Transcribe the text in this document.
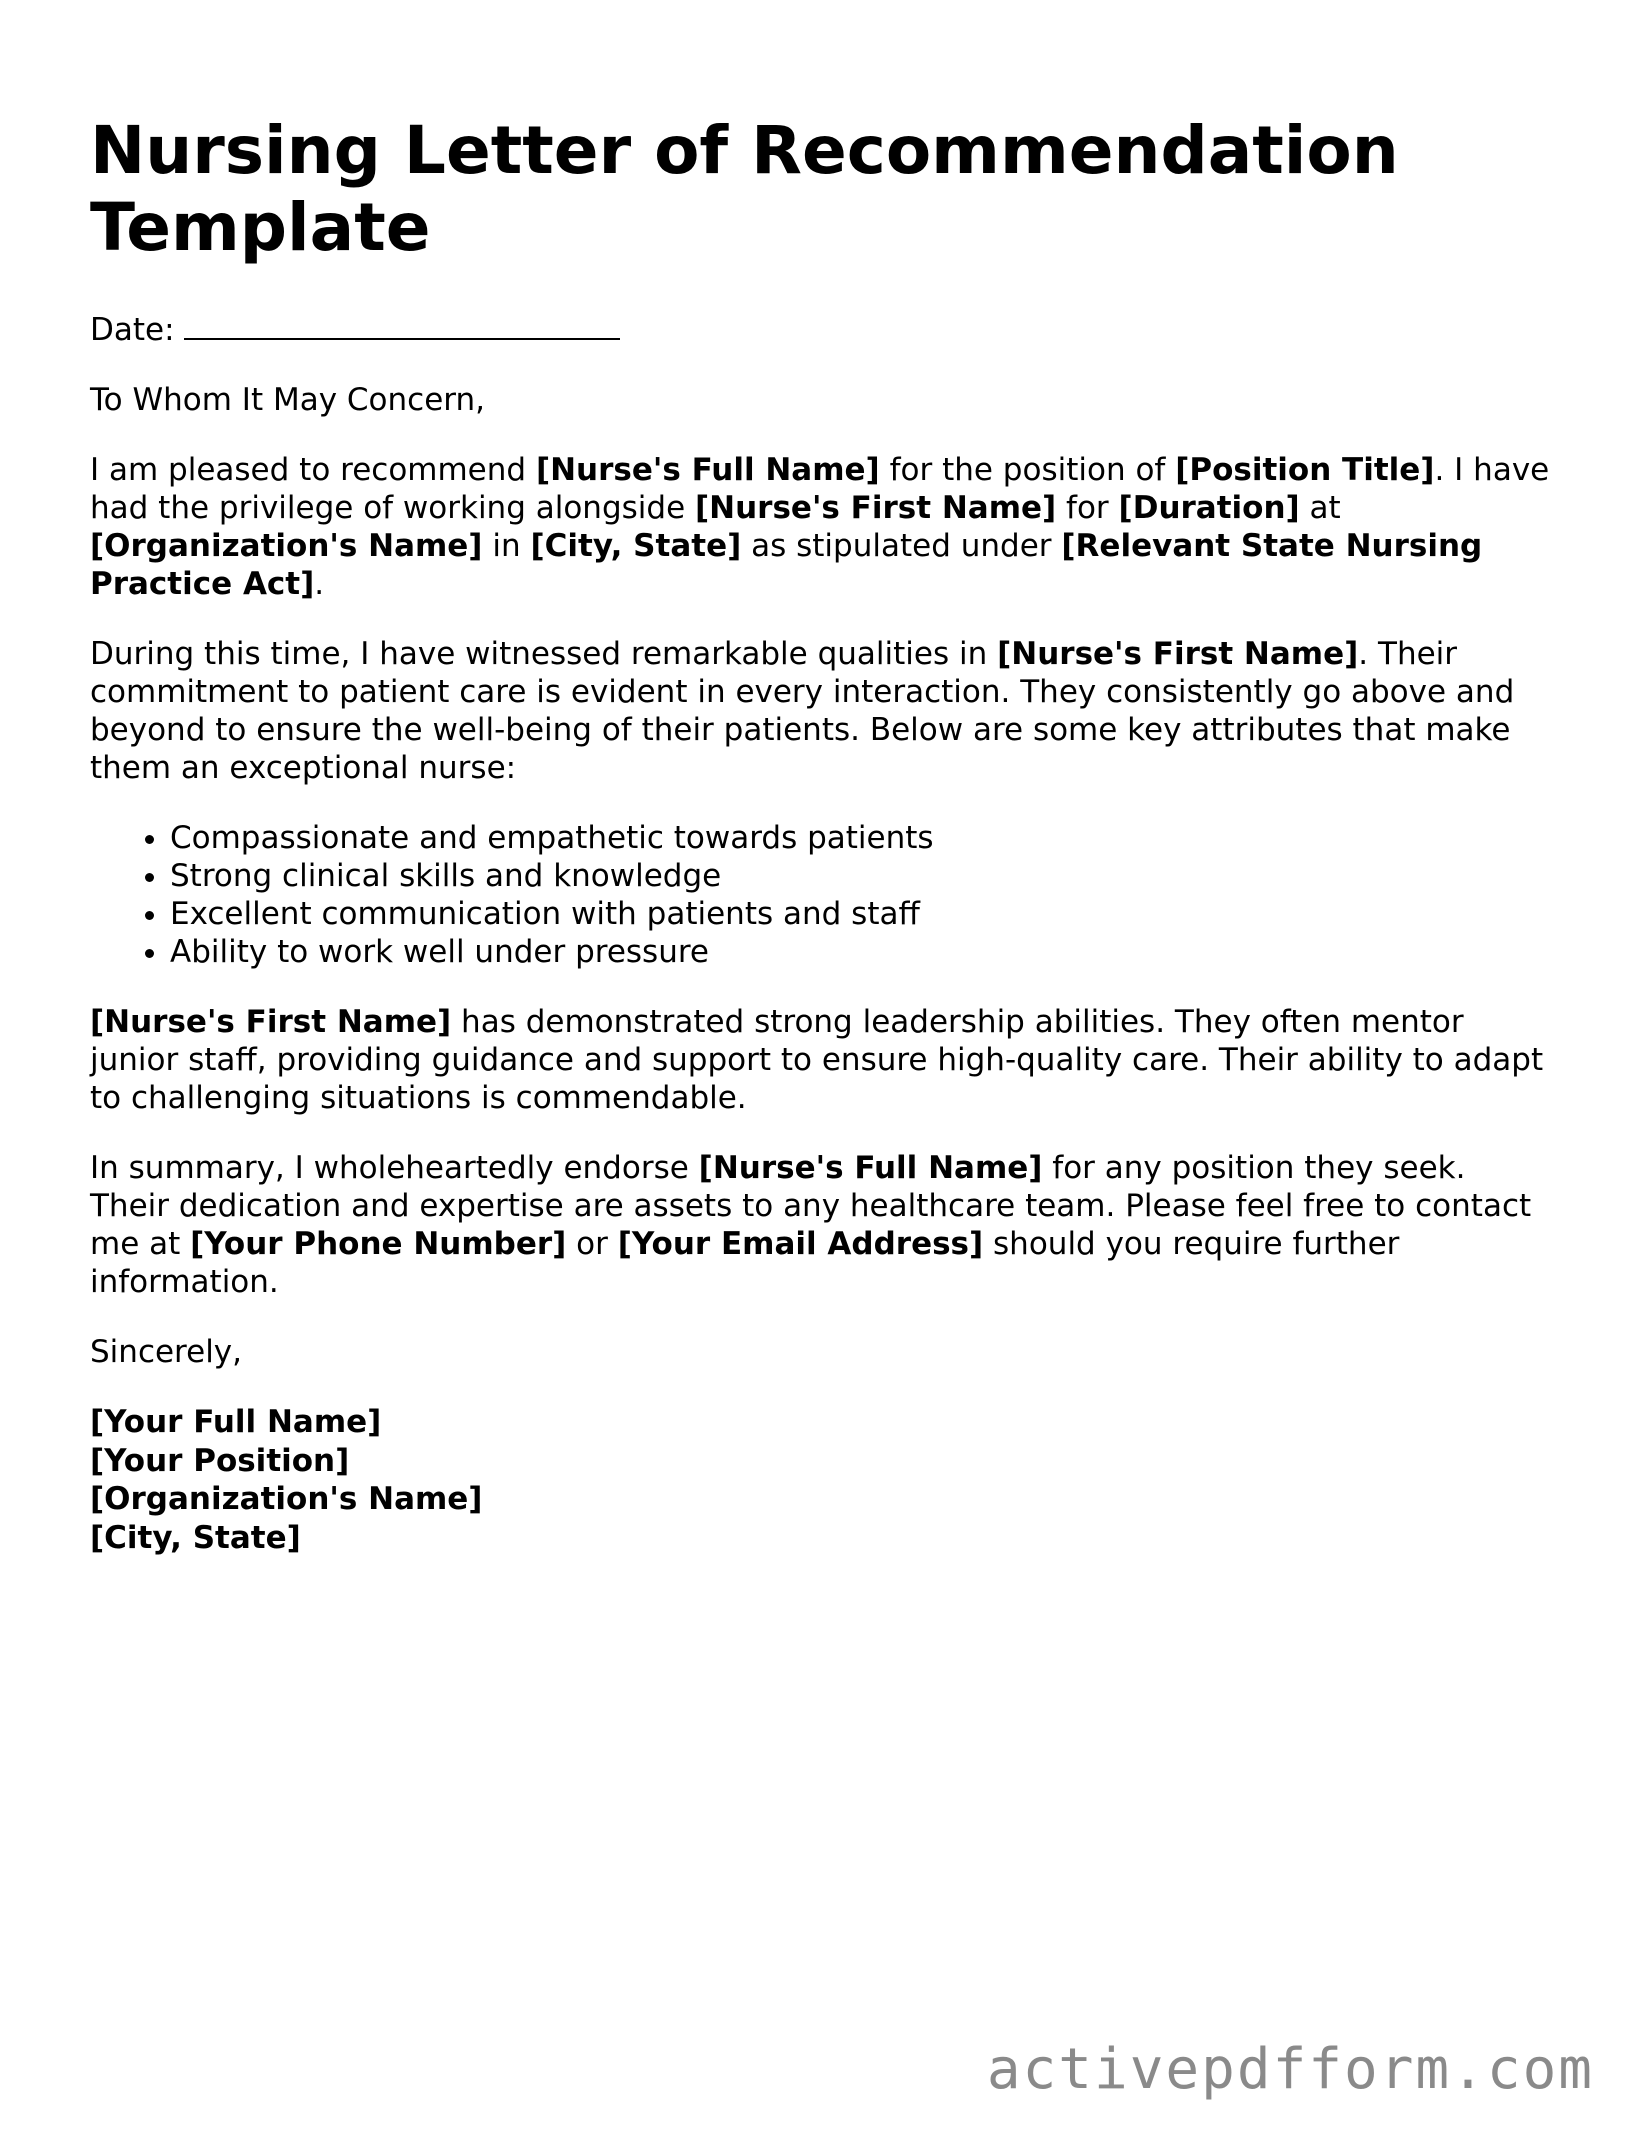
Nursing Letter of Recommendation Template

Date:

To Whom It May Concern,

I am pleased to recommend [Nurse's Full Name] for the position of [Position Title]. I have had the privilege of working alongside [Nurse's First Name] for [Duration] at [Organization's Name] in [City, State] as stipulated under [Relevant State Nursing Practice Act].

During this time, I have witnessed remarkable qualities in [Nurse's First Name]. Their commitment to patient care is evident in every interaction. They consistently go above and beyond to ensure the well-being of their patients. Below are some key attributes that make them an exceptional nurse:

• Compassionate and empathetic towards patients
• Strong clinical skills and knowledge
• Excellent communication with patients and staff
• Ability to work well under pressure

[Nurse's First Name] has demonstrated strong leadership abilities. They often mentor junior staff, providing guidance and support to ensure high-quality care. Their ability to adapt to challenging situations is commendable.

In summary, I wholeheartedly endorse [Nurse's Full Name] for any position they seek. Their dedication and expertise are assets to any healthcare team. Please feel free to contact me at [Your Phone Number] or [Your Email Address] should you require further information.

Sincerely,

[Your Full Name]
[Your Position]
[Organization's Name]
[City, State]
activepdfform.com
